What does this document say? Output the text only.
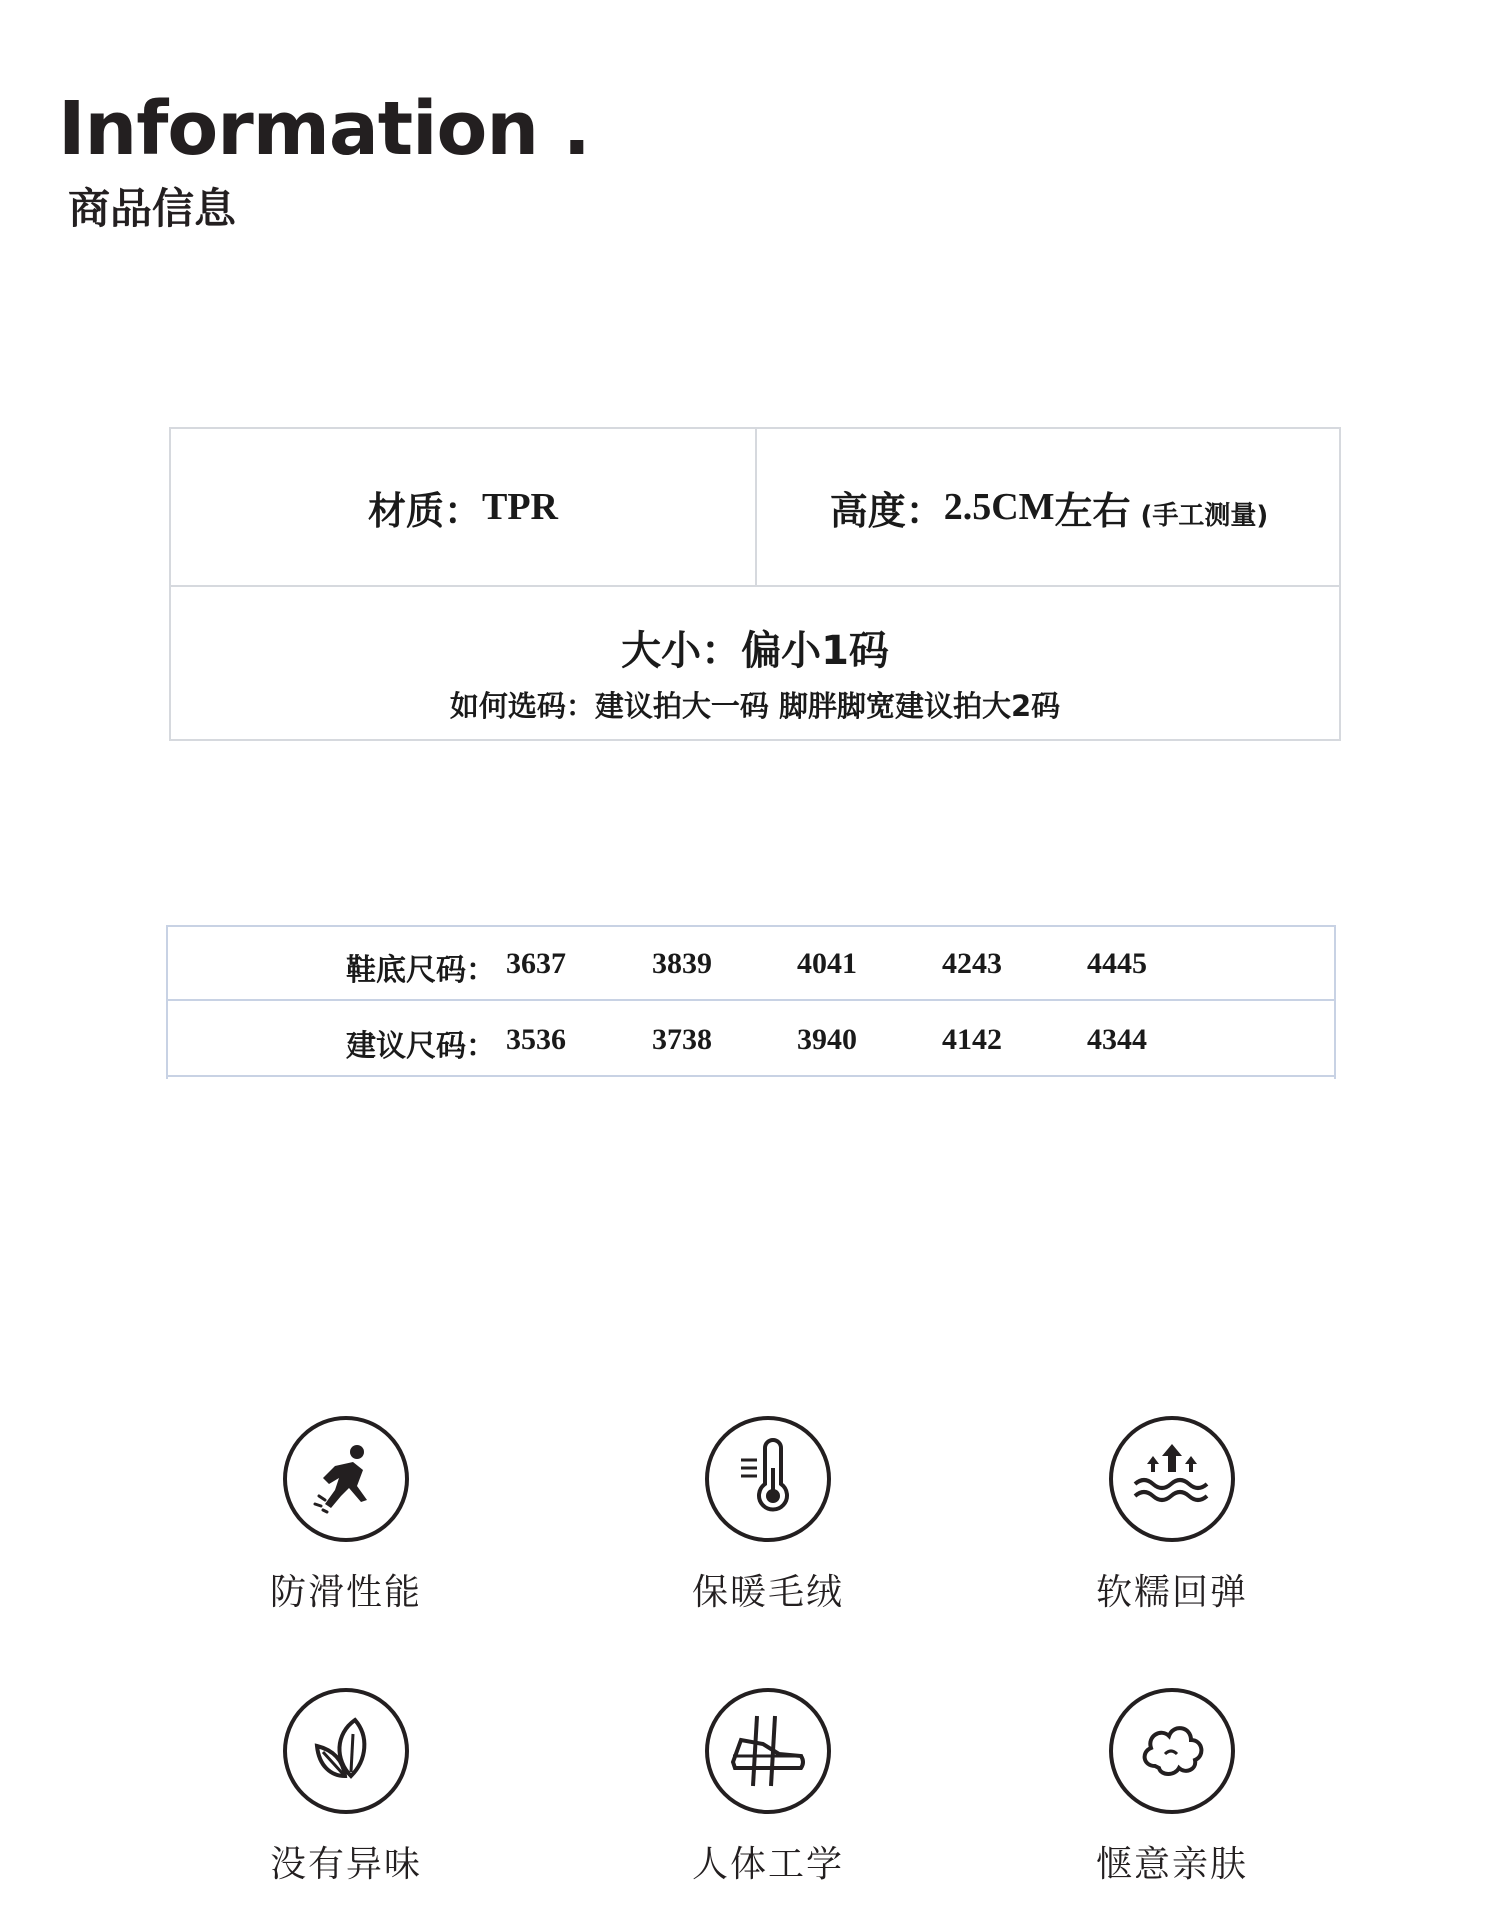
Information .
商品信息
材质： TPR	高度： 2.5CM 左右 (手工测量)
大小：偏小1码
如何选码：建议拍大一码 脚胖脚宽建议拍大2码
鞋底尺码： 3637	3839	4041	4243	4445
建议尺码： 3536	3738	3940	4142	4344
防滑性能	保暖毛绒	软糯回弹
没有异味	人体工学	惬意亲肤
